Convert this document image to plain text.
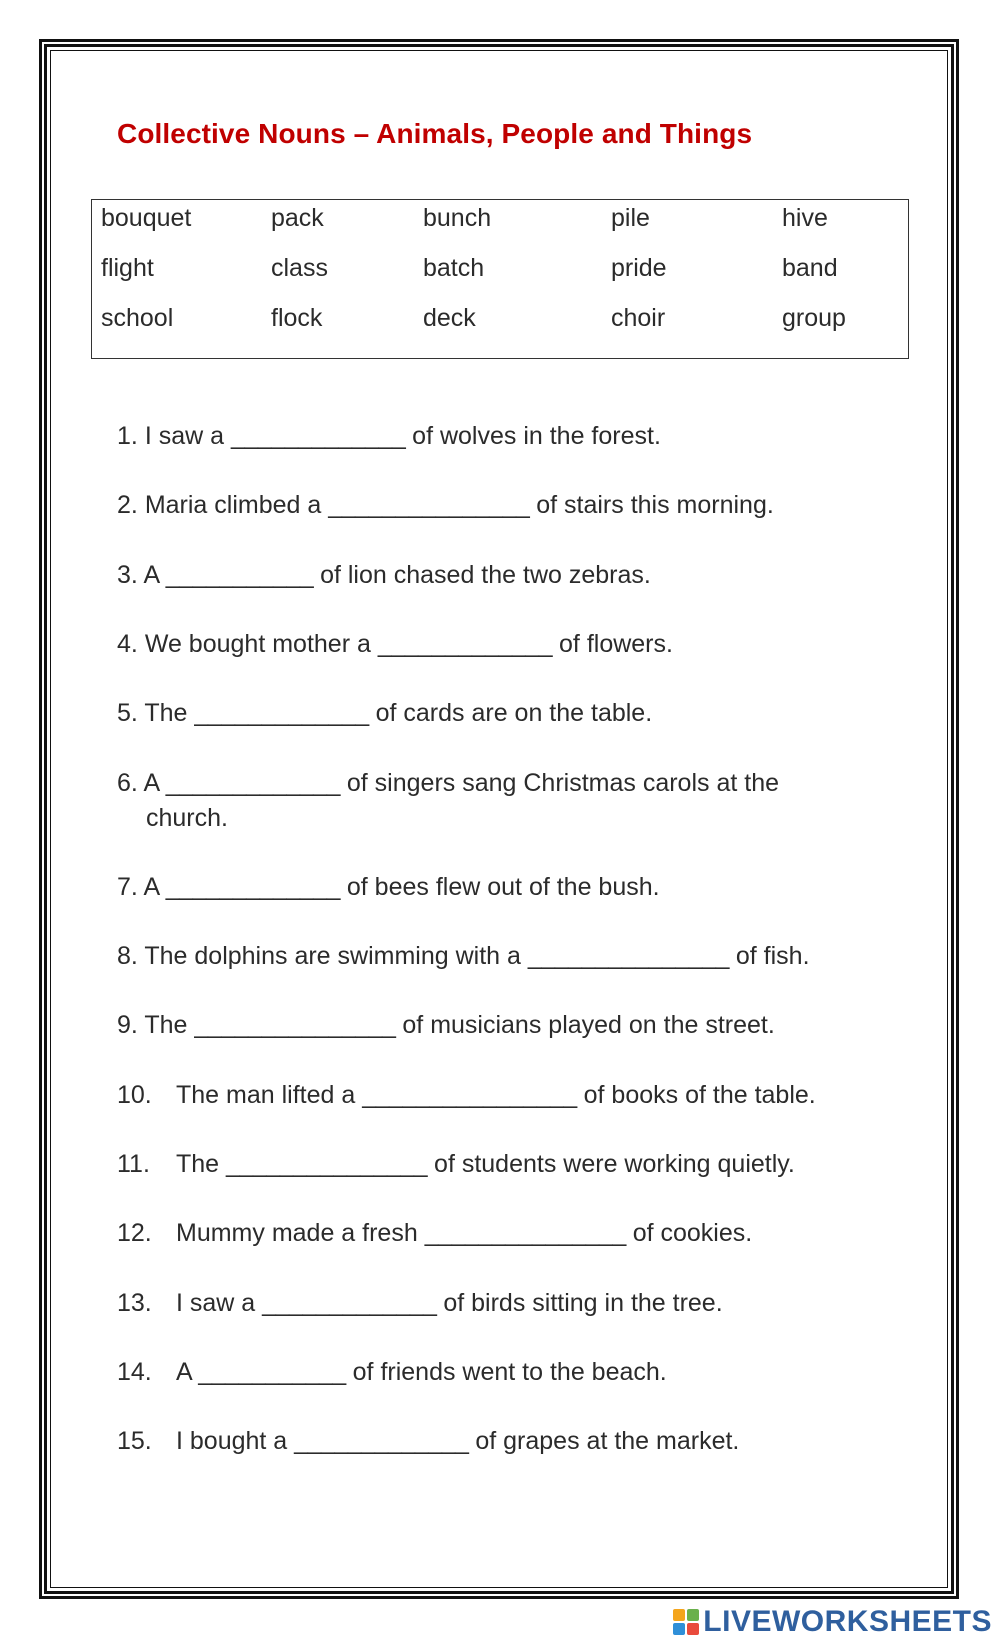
Collective Nouns – Animals, People and Things
bouquet	pack	bunch	pile	hive
flight	class	batch	pride	band
school	flock	deck	choir	group
1. I saw a _____________ of wolves in the forest.
2. Maria climbed a _______________ of stairs this morning.
3. A ___________ of lion chased the two zebras.
4. We bought mother a _____________ of flowers.
5. The _____________ of cards are on the table.
6. A _____________ of singers sang Christmas carols at the
church.
7. A _____________ of bees flew out of the bush.
8. The dolphins are swimming with a _______________ of fish.
9. The _______________ of musicians played on the street.
10. The man lifted a ________________ of books of the table.
11. The _______________ of students were working quietly.
12. Mummy made a fresh _______________ of cookies.
13. I saw a _____________ of birds sitting in the tree.
14. A ___________ of friends went to the beach.
15. I bought a _____________ of grapes at the market.
LIVEWORKSHEETS
